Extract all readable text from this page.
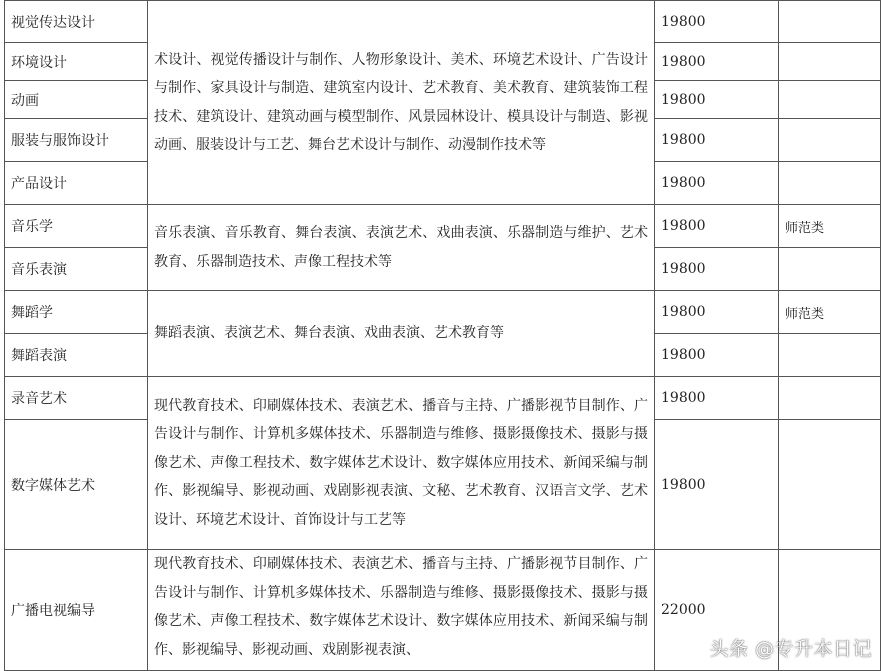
视觉传达设计	术设计、视觉传播设计与制作、人物形象设计、美术、环境艺术设计、广告设计与制作、家具设计与制造、建筑室内设计、艺术教育、美术教育、建筑装饰工程技术、建筑设计、建筑动画与模型制作、风景园林设计、模具设计与制造、影视动画、服装设计与工艺、舞台艺术设计与制作、动漫制作技术等	19800	
环境设计		19800	
动画		19800	
服装与服饰设计		19800	
产品设计		19800	
音乐学	音乐表演、音乐教育、舞台表演、表演艺术、戏曲表演、乐器制造与维护、艺术教育、乐器制造技术、声像工程技术等	19800	师范类
音乐表演		19800	
舞蹈学	舞蹈表演、表演艺术、舞台表演、戏曲表演、艺术教育等	19800	师范类
舞蹈表演		19800	
录音艺术	现代教育技术、印刷媒体技术、表演艺术、播音与主持、广播影视节目制作、广告设计与制作、计算机多媒体技术、乐器制造与维修、摄影摄像技术、摄影与摄像艺术、声像工程技术、数字媒体艺术设计、数字媒体应用技术、新闻采编与制作、影视编导、影视动画、戏剧影视表演、文秘、艺术教育、汉语言文学、艺术设计、环境艺术设计、首饰设计与工艺等	19800	
数字媒体艺术		19800	
广播电视编导	现代教育技术、印刷媒体技术、表演艺术、播音与主持、广播影视节目制作、广告设计与制作、计算机多媒体技术、乐器制造与维修、摄影摄像技术、摄影与摄像艺术、声像工程技术、数字媒体艺术设计、数字媒体应用技术、新闻采编与制作、影视编导、影视动画、戏剧影视表演、	22000	
头条 @专升本日记
